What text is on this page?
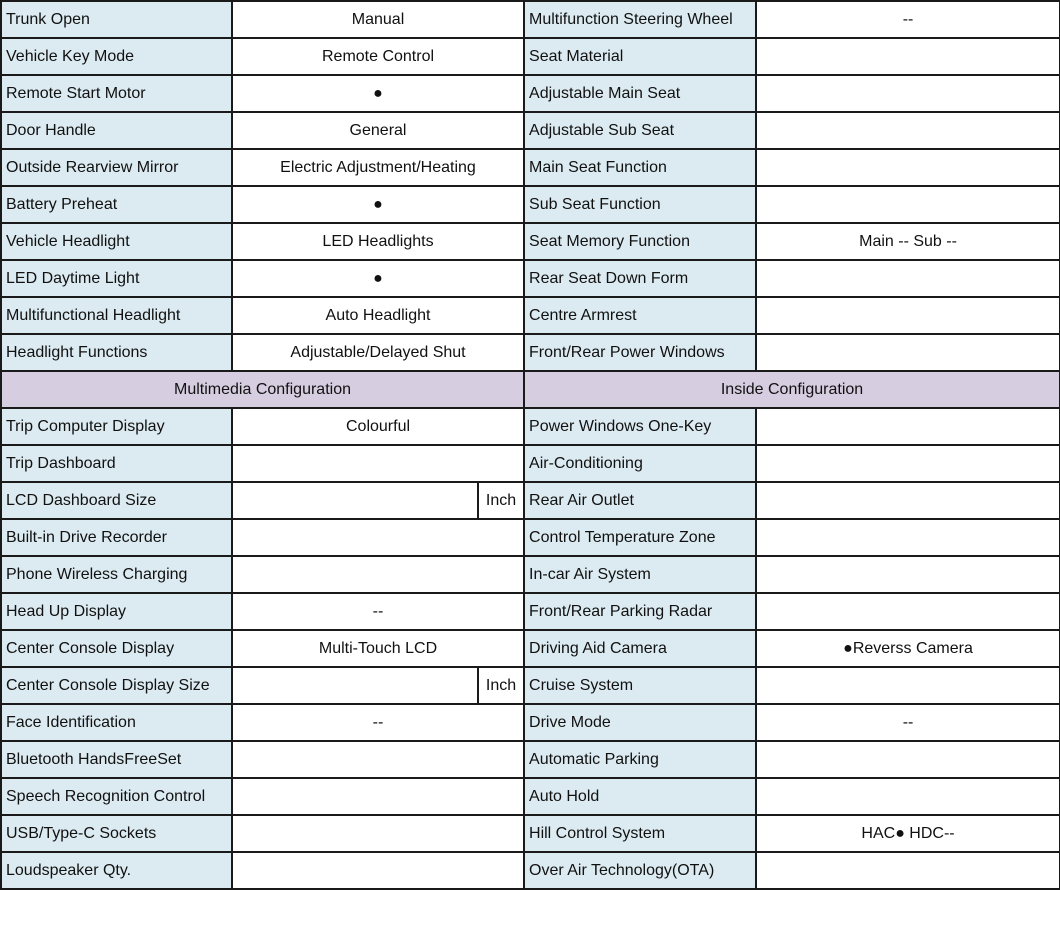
Trunk Open	Manual		Multifunction Steering Wheel	--
Vehicle Key Mode	Remote Control		Seat Material	
Remote Start Motor	●		Adjustable Main Seat	
Door Handle	General		Adjustable Sub Seat	
Outside Rearview Mirror	Electric Adjustment/Heating		Main Seat Function	
Battery Preheat	●		Sub Seat Function	
Vehicle Headlight	LED Headlights		Seat Memory Function	Main -- Sub --
LED Daytime Light	●		Rear Seat Down Form	
Multifunctional Headlight	Auto Headlight		Centre Armrest	
Headlight Functions	Adjustable/Delayed Shut		Front/Rear Power Windows	
Multimedia Configuration			Inside Configuration	
Trip Computer Display	Colourful		Power Windows One-Key	
Trip Dashboard			Air-Conditioning	
LCD Dashboard Size		Inch	Rear Air Outlet	
Built-in Drive Recorder			Control Temperature Zone	
Phone Wireless Charging			In-car Air System	
Head Up Display	--		Front/Rear Parking Radar	
Center Console Display	Multi-Touch LCD		Driving Aid Camera	●Reverss Camera
Center Console Display Size		Inch	Cruise System	
Face Identification	--		Drive Mode	--
Bluetooth HandsFreeSet			Automatic Parking	
Speech Recognition Control			Auto Hold	
USB/Type-C Sockets			Hill Control System	HAC● HDC--
Loudspeaker Qty.			Over Air Technology(OTA)	
